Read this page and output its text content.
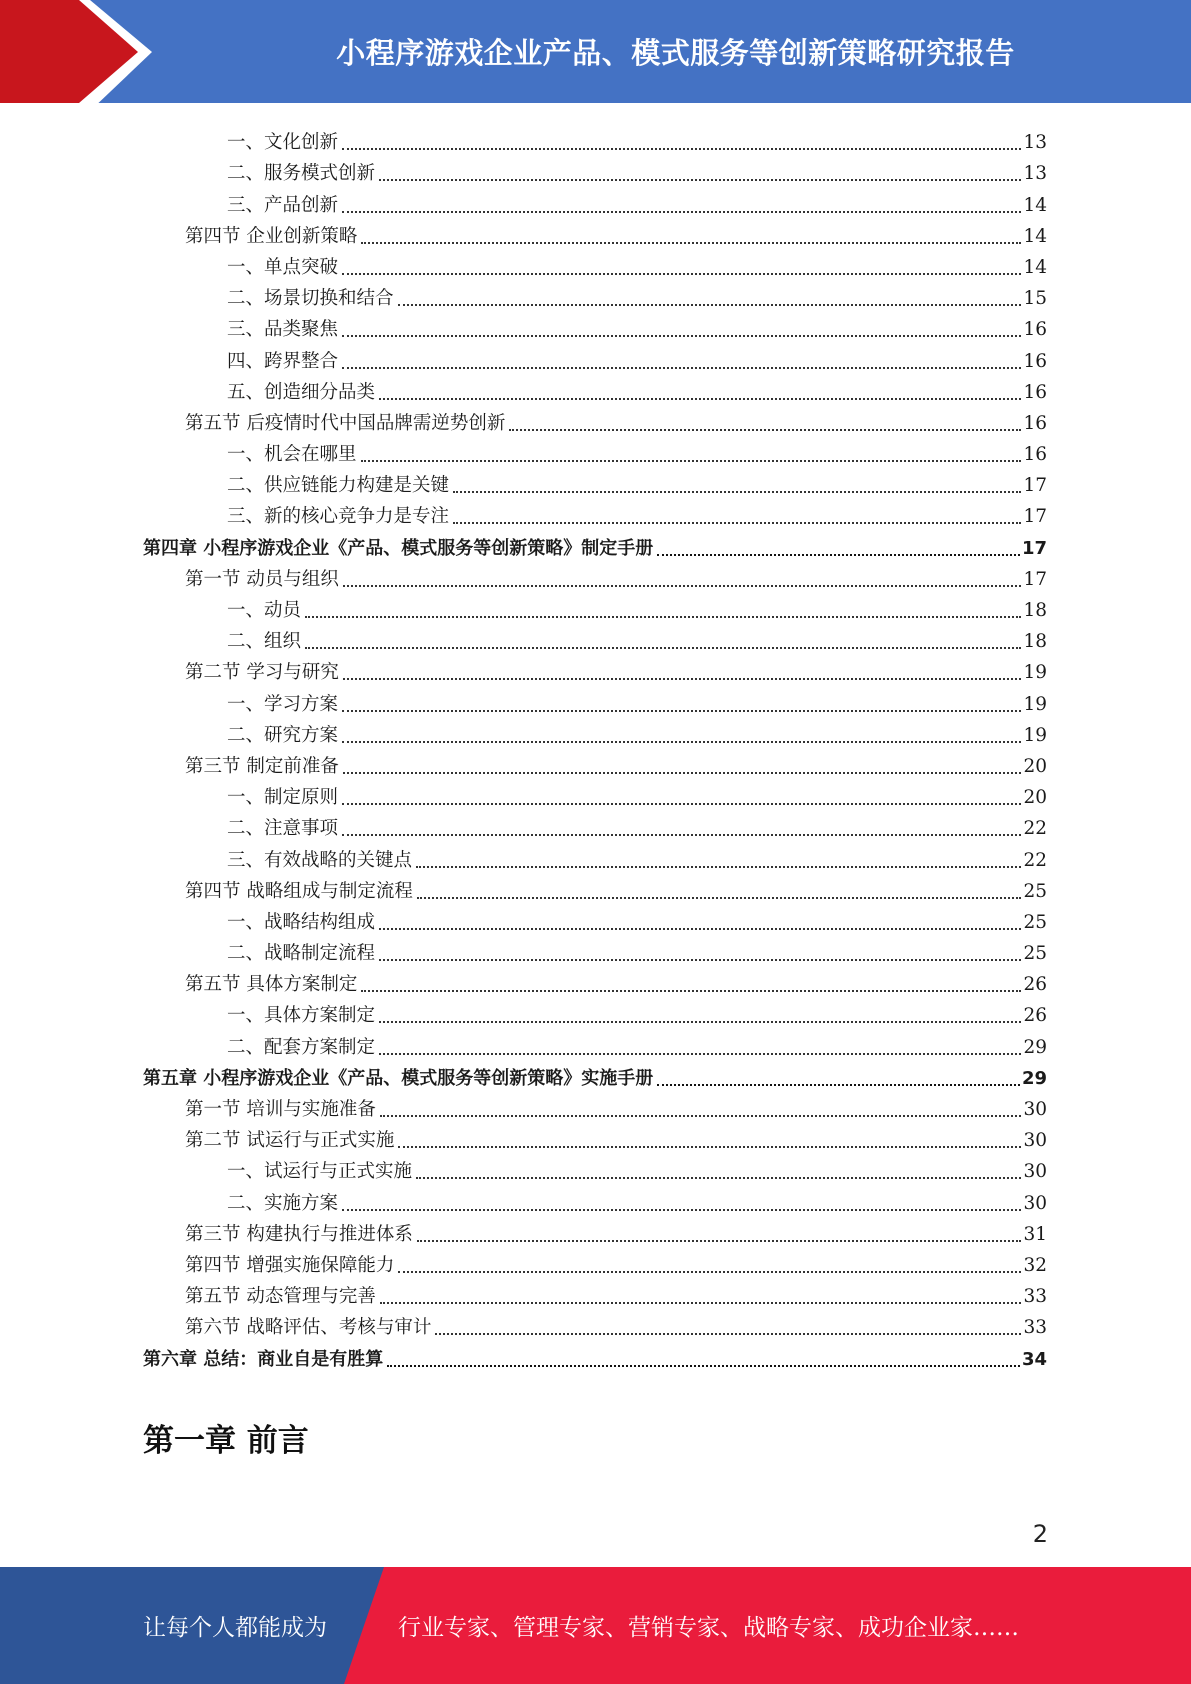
小程序游戏企业产品、模式服务等创新策略研究报告
一、文化创新	13
二、服务模式创新	13
三、产品创新	14
第四节 企业创新策略	14
一、单点突破	14
二、场景切换和结合	15
三、品类聚焦	16
四、跨界整合	16
五、创造细分品类	16
第五节 后疫情时代中国品牌需逆势创新	16
一、机会在哪里	16
二、供应链能力构建是关键	17
三、新的核心竞争力是专注	17
第四章 小程序游戏企业《产品、模式服务等创新策略》制定手册	17
第一节 动员与组织	17
一、动员	18
二、组织	18
第二节 学习与研究	19
一、学习方案	19
二、研究方案	19
第三节 制定前准备	20
一、制定原则	20
二、注意事项	22
三、有效战略的关键点	22
第四节 战略组成与制定流程	25
一、战略结构组成	25
二、战略制定流程	25
第五节 具体方案制定	26
一、具体方案制定	26
二、配套方案制定	29
第五章 小程序游戏企业《产品、模式服务等创新策略》实施手册	29
第一节 培训与实施准备	30
第二节 试运行与正式实施	30
一、试运行与正式实施	30
二、实施方案	30
第三节 构建执行与推进体系	31
第四节 增强实施保障能力	32
第五节 动态管理与完善	33
第六节 战略评估、考核与审计	33
第六章 总结：商业自是有胜算	34
第一章 前言
2
让每个人都能成为	行业专家、管理专家、营销专家、战略专家、成功企业家……
